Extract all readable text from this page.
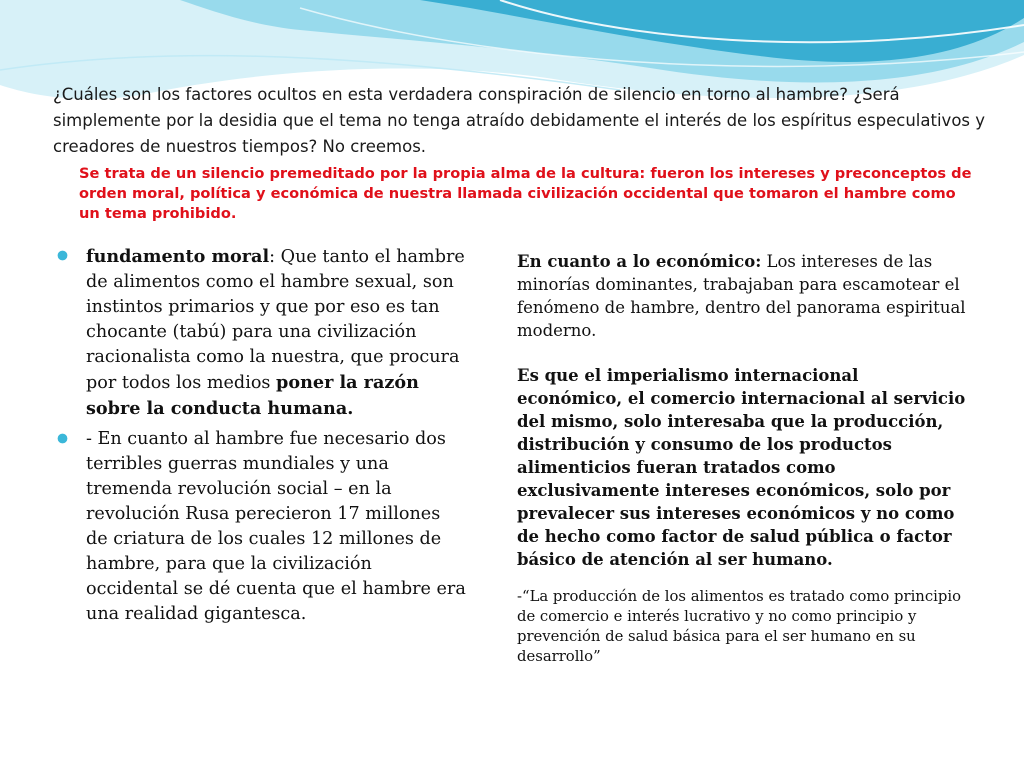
¿Cuáles son los factores ocultos en esta verdadera conspiración de silencio en torno al hambre? ¿Será simplemente por la desidia que el tema no tenga atraído debidamente el interés de los espíritus especulativos y creadores de nuestros tiempos? No creemos.
Se trata de un silencio premeditado por la propia alma de la cultura: fueron los intereses y preconceptos de orden moral, política y económica de nuestra llamada civilización occidental que tomaron el hambre como un tema prohibido.
fundamento moral: Que tanto el hambre de alimentos como el hambre sexual, son instintos primarios y que por eso es tan chocante (tabú) para una civilización racionalista como la nuestra, que procura por todos los medios poner la razón sobre la conducta humana.
- En cuanto al hambre fue necesario dos terribles guerras mundiales y una tremenda revolución social – en la revolución Rusa perecieron 17 millones de criatura de los cuales 12 millones de hambre, para que la civilización occidental se dé cuenta que el hambre era una realidad gigantesca.

En cuanto a lo económico: Los intereses de las minorías dominantes, trabajaban para escamotear el fenómeno de hambre, dentro del panorama espiritual moderno.

Es que el imperialismo internacional económico, el comercio internacional al servicio del mismo, solo interesaba que la producción, distribución y consumo de los productos alimenticios fueran tratados como exclusivamente intereses económicos, solo por prevalecer sus intereses económicos y no como de hecho como factor de salud pública o factor básico de atención al ser humano.

-“La producción de los alimentos es tratado como principio de comercio e interés lucrativo y no como principio y prevención de salud básica para el ser humano en su desarrollo”
